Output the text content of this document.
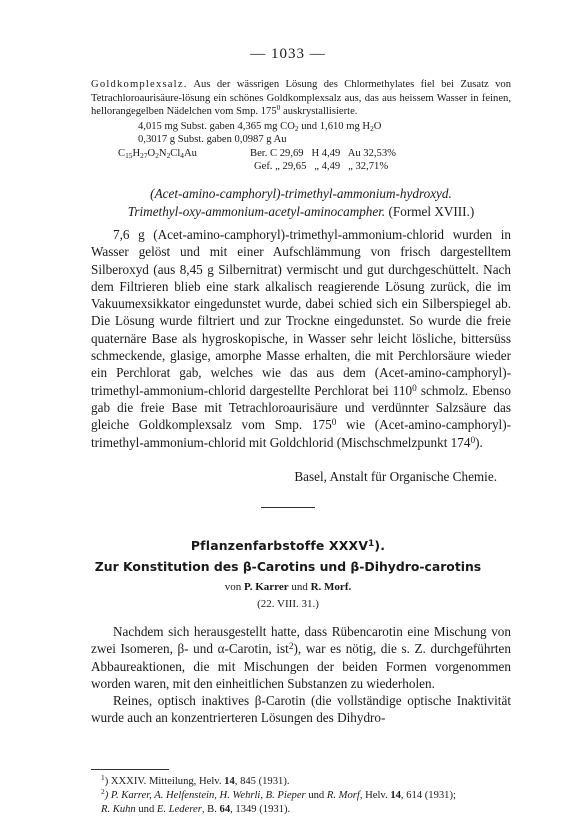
— 1033 —
Goldkomplexsalz. Aus der wässrigen Lösung des Chlormethylates fiel bei Zusatz von Tetrachloroaurisäure-lösung ein schönes Goldkomplexsalz aus, das aus heissem Wasser in feinen, hellorangegelben Nädelchen vom Smp. $175^0$ auskrystallisierte.
4,015 mg Subst. gaben 4,365 mg $CO_2$ und 1,610 mg $H_2O$
0,3017 g Subst. gaben 0,0987 g Au
$C_{15}H_{27}O_2N_2Cl_4Au$	Ber. C 29,69   H 4,49   Au 32,53%
Gef. „ 29,65   „ 4,49   „ 32,71%
(Acet-amino-camphoryl)-trimethyl-ammonium-hydroxyd.
Trimethyl-oxy-ammonium-acetyl-aminocampher. (Formel XVIII.)

7,6 g (Acet-amino-camphoryl)-trimethyl-ammonium-chlorid wurden in Wasser gelöst und mit einer Aufschlämmung von frisch dargestelltem Silberoxyd (aus 8,45 g Silbernitrat) vermischt und gut durchgeschüttelt. Nach dem Filtrieren blieb eine stark alkalisch reagierende Lösung zurück, die im Vakuumexsikkator eingedunstet wurde, dabei schied sich ein Silberspiegel ab. Die Lösung wurde filtriert und zur Trockne eingedunstet. So wurde die freie quaternäre Base als hygroskopische, in Wasser sehr leicht lösliche, bittersüss schmeckende, glasige, amorphe Masse erhalten, die mit Perchlorsäure wieder ein Perchlorat gab, welches wie das aus dem (Acet-amino-camphoryl)-trimethyl-ammonium-chlorid dargestellte Perchlorat bei $110^0$ schmolz. Ebenso gab die freie Base mit Tetrachloroaurisäure und verdünnter Salzsäure das gleiche Goldkomplexsalz vom Smp. $175^0$ wie (Acet-amino-camphoryl)-trimethyl-ammonium-chlorid mit Goldchlorid (Mischschmelzpunkt $174^0$).

Basel, Anstalt für Organische Chemie.
Pflanzenfarbstoffe XXXV$^1$).
Zur Konstitution des β-Carotins und β-Dihydro-carotins
von P. Karrer und R. Morf.
(22. VIII. 31.)

Nachdem sich herausgestellt hatte, dass Rübencarotin eine Mischung von zwei Isomeren, β- und α-Carotin, ist$^2$), war es nötig, die s. Z. durchgeführten Abbaureaktionen, die mit Mischungen der beiden Formen vorgenommen worden waren, mit den einheitlichen Substanzen zu wiederholen.

Reines, optisch inaktives β-Carotin (die vollständige optische Inaktivität wurde auch an konzentrierteren Lösungen des Dihydro-

$^1$) XXXIV. Mitteilung, Helv. 14, 845 (1931).
$^2$) P. Karrer, A. Helfenstein, H. Wehrli, B. Pieper und R. Morf, Helv. 14, 614 (1931);
R. Kuhn und E. Lederer, B. 64, 1349 (1931).
